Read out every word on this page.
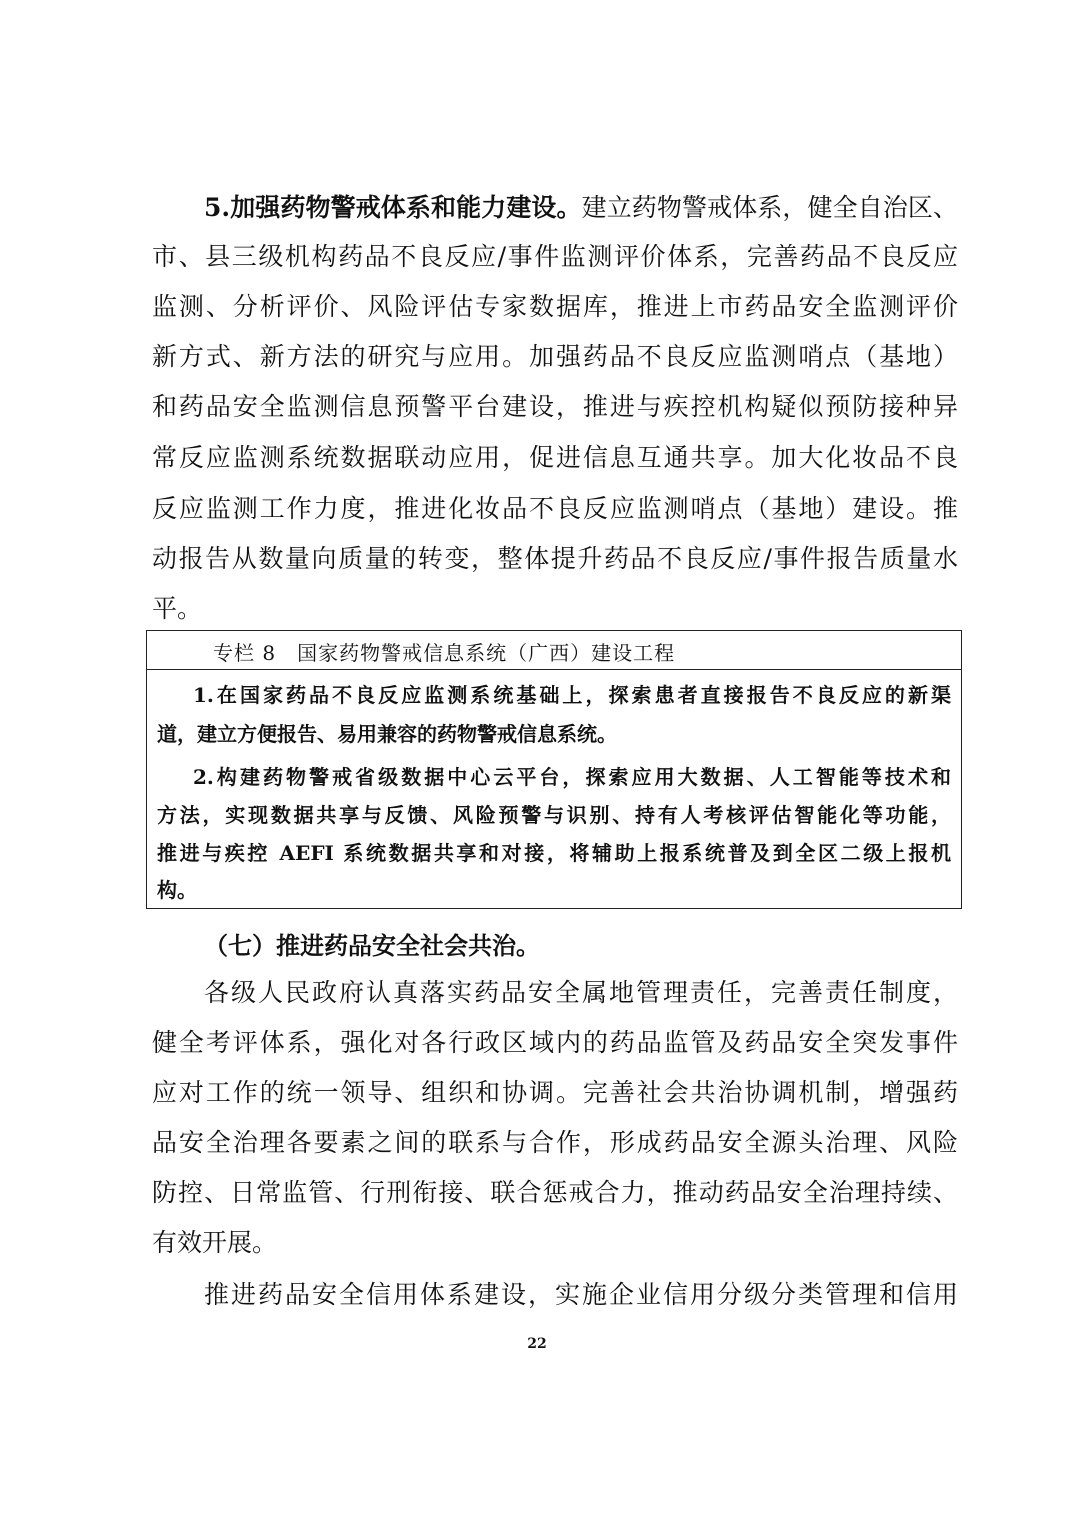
5.加强药物警戒体系和能力建设。建立药物警戒体系，健全自治区、
市、县三级机构药品不良反应/事件监测评价体系，完善药品不良反应
监测、分析评价、风险评估专家数据库，推进上市药品安全监测评价
新方式、新方法的研究与应用。加强药品不良反应监测哨点（基地）
和药品安全监测信息预警平台建设，推进与疾控机构疑似预防接种异
常反应监测系统数据联动应用，促进信息互通共享。加大化妆品不良
反应监测工作力度，推进化妆品不良反应监测哨点（基地）建设。推
动报告从数量向质量的转变，整体提升药品不良反应/事件报告质量水
平。
专栏 8　国家药物警戒信息系统（广西）建设工程
1.在国家药品不良反应监测系统基础上，探索患者直接报告不良反应的新渠
道，建立方便报告、易用兼容的药物警戒信息系统。
2.构建药物警戒省级数据中心云平台，探索应用大数据、人工智能等技术和
方法，实现数据共享与反馈、风险预警与识别、持有人考核评估智能化等功能，
推进与疾控 AEFI 系统数据共享和对接，将辅助上报系统普及到全区二级上报机
构。
（七）推进药品安全社会共治。
各级人民政府认真落实药品安全属地管理责任，完善责任制度，
健全考评体系，强化对各行政区域内的药品监管及药品安全突发事件
应对工作的统一领导、组织和协调。完善社会共治协调机制，增强药
品安全治理各要素之间的联系与合作，形成药品安全源头治理、风险
防控、日常监管、行刑衔接、联合惩戒合力，推动药品安全治理持续、
有效开展。
推进药品安全信用体系建设，实施企业信用分级分类管理和信用
22
